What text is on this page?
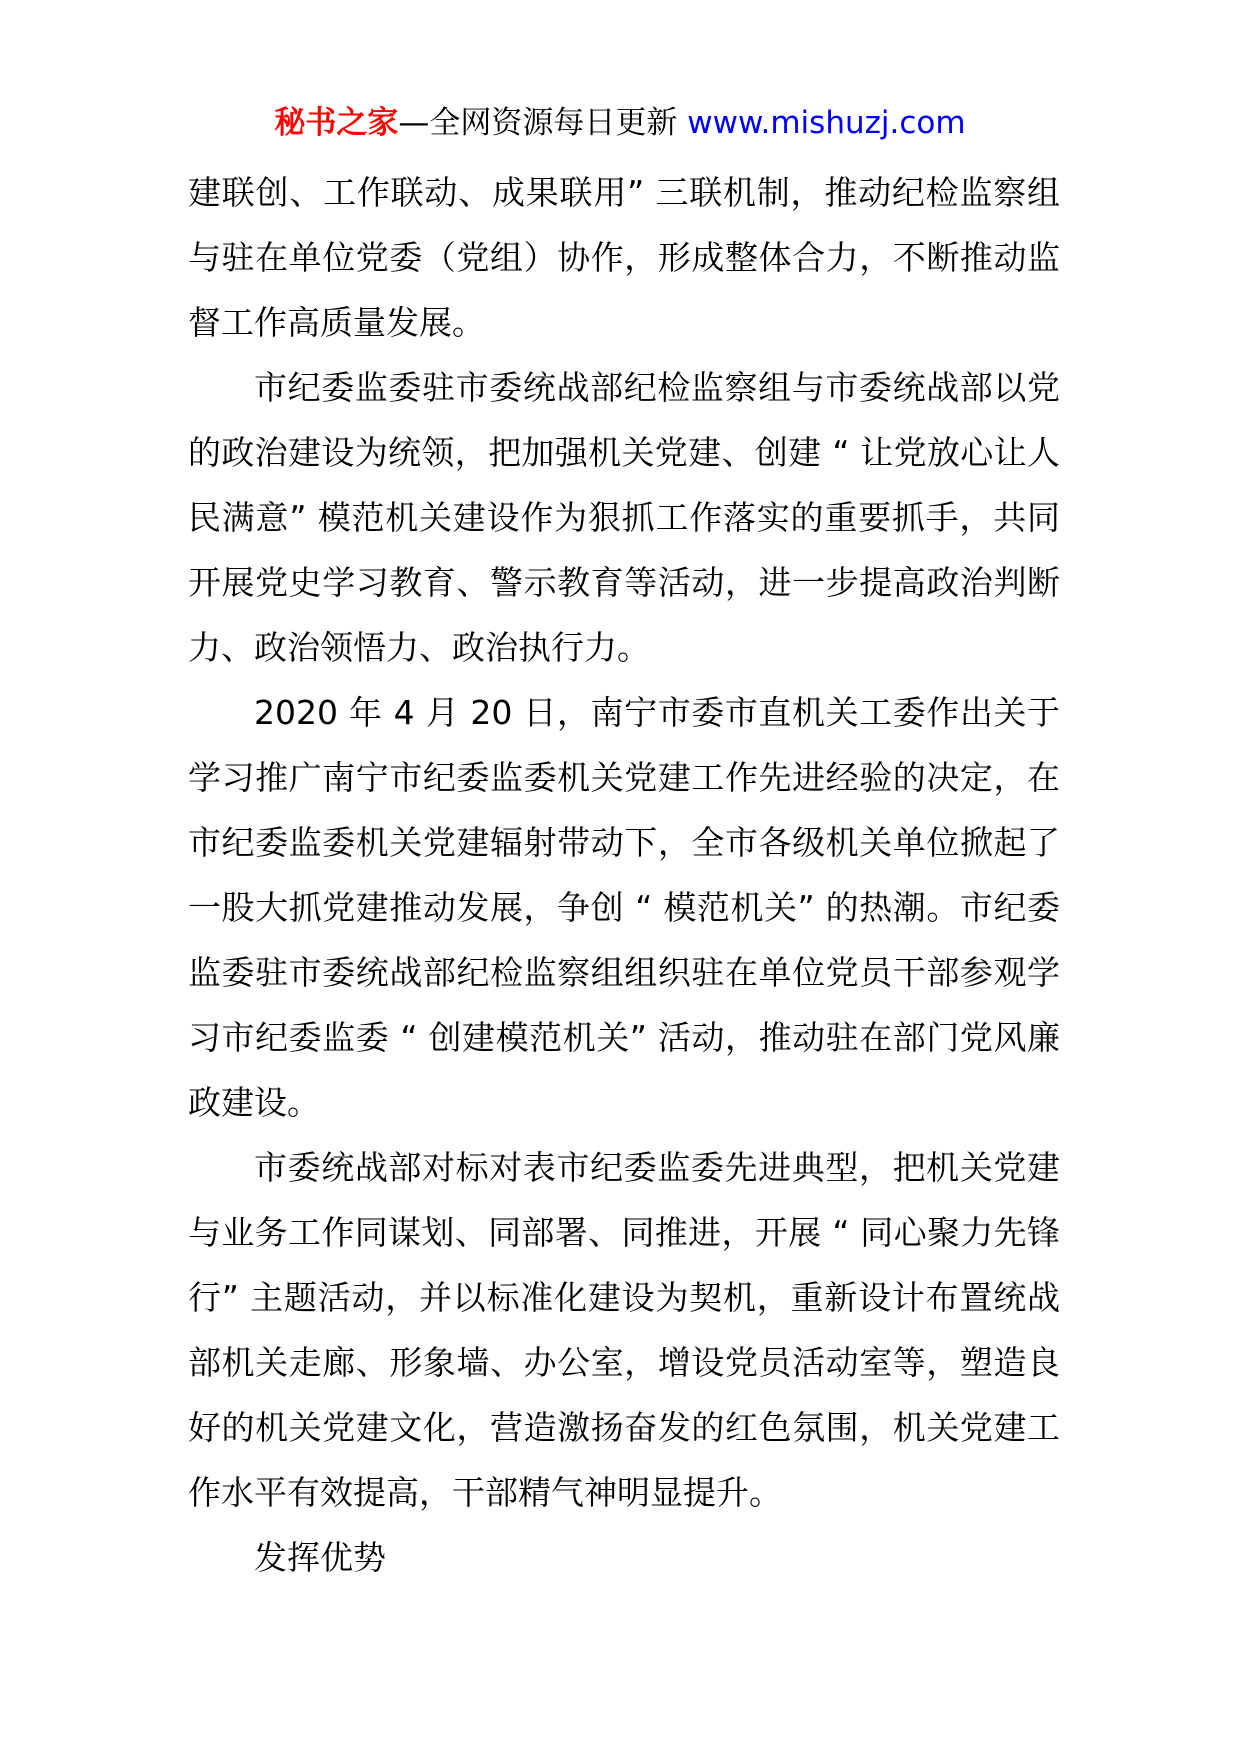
秘书之家—全网资源每日更新 www.mishuzj.com

建联创、工作联动、成果联用” 三联机制，推动纪检监察组与驻在单位党委（党组）协作，形成整体合力，不断推动监督工作高质量发展。

市纪委监委驻市委统战部纪检监察组与市委统战部以党的政治建设为统领，把加强机关党建、创建 “ 让党放心让人民满意” 模范机关建设作为狠抓工作落实的重要抓手，共同开展党史学习教育、警示教育等活动，进一步提高政治判断力、政治领悟力、政治执行力。

2020 年 4 月 20 日，南宁市委市直机关工委作出关于学习推广南宁市纪委监委机关党建工作先进经验的决定，在市纪委监委机关党建辐射带动下，全市各级机关单位掀起了一股大抓党建推动发展，争创 “ 模范机关” 的热潮。市纪委监委驻市委统战部纪检监察组组织驻在单位党员干部参观学习市纪委监委 “ 创建模范机关” 活动，推动驻在部门党风廉政建设。

市委统战部对标对表市纪委监委先进典型，把机关党建与业务工作同谋划、同部署、同推进，开展 “ 同心聚力先锋行” 主题活动，并以标准化建设为契机，重新设计布置统战部机关走廊、形象墙、办公室，增设党员活动室等，塑造良好的机关党建文化，营造激扬奋发的红色氛围，机关党建工作水平有效提高，干部精气神明显提升。

发挥优势
